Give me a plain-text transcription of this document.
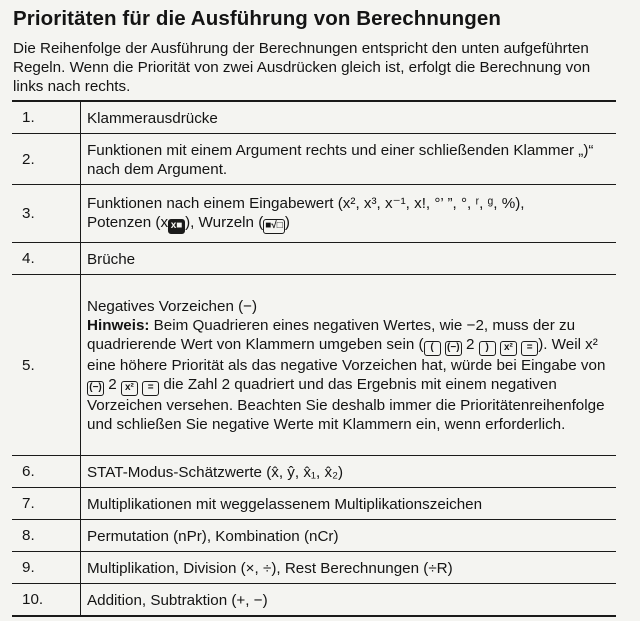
Prioritäten für die Ausführung von Berechnungen
Die Reihenfolge der Ausführung der Berechnungen entspricht den unten aufgeführten Regeln. Wenn die Priorität von zwei Ausdrücken gleich ist, erfolgt die Berechnung von links nach rechts.
1.	Klammerausdrücke
2.	Funktionen mit einem Argument rechts und einer schließenden Klammer „)“ nach dem Argument.
3.	Funktionen nach einem Eingabewert (x², x³, x⁻¹, x!, °’ ”, °, ʳ, ᵍ, %),
Potenzen (x x■ ), Wurzeln ( ■√□ )
4.	Brüche
5.	Negatives Vorzeichen (−)
Hinweis: Beim Quadrieren eines negativen Wertes, wie −2, muss der zu quadrierende Wert von Klammern umgeben sein ( ( (−) 2 ) x² = ). Weil x² eine höhere Priorität als das negative Vorzeichen hat, würde bei Eingabe von (−) 2 x² = die Zahl 2 quadriert und das Ergebnis mit einem negativen Vorzeichen versehen. Beachten Sie deshalb immer die Prioritätenreihenfolge und schließen Sie negative Werte mit Klammern ein, wenn erforderlich.
6.	STAT-Modus-Schätzwerte (x̂, ŷ, x̂₁, x̂₂)
7.	Multiplikationen mit weggelassenem Multiplikationszeichen
8.	Permutation (nPr), Kombination (nCr)
9.	Multiplikation, Division (×, ÷), Rest Berechnungen (÷R)
10.	Addition, Subtraktion (+, −)
